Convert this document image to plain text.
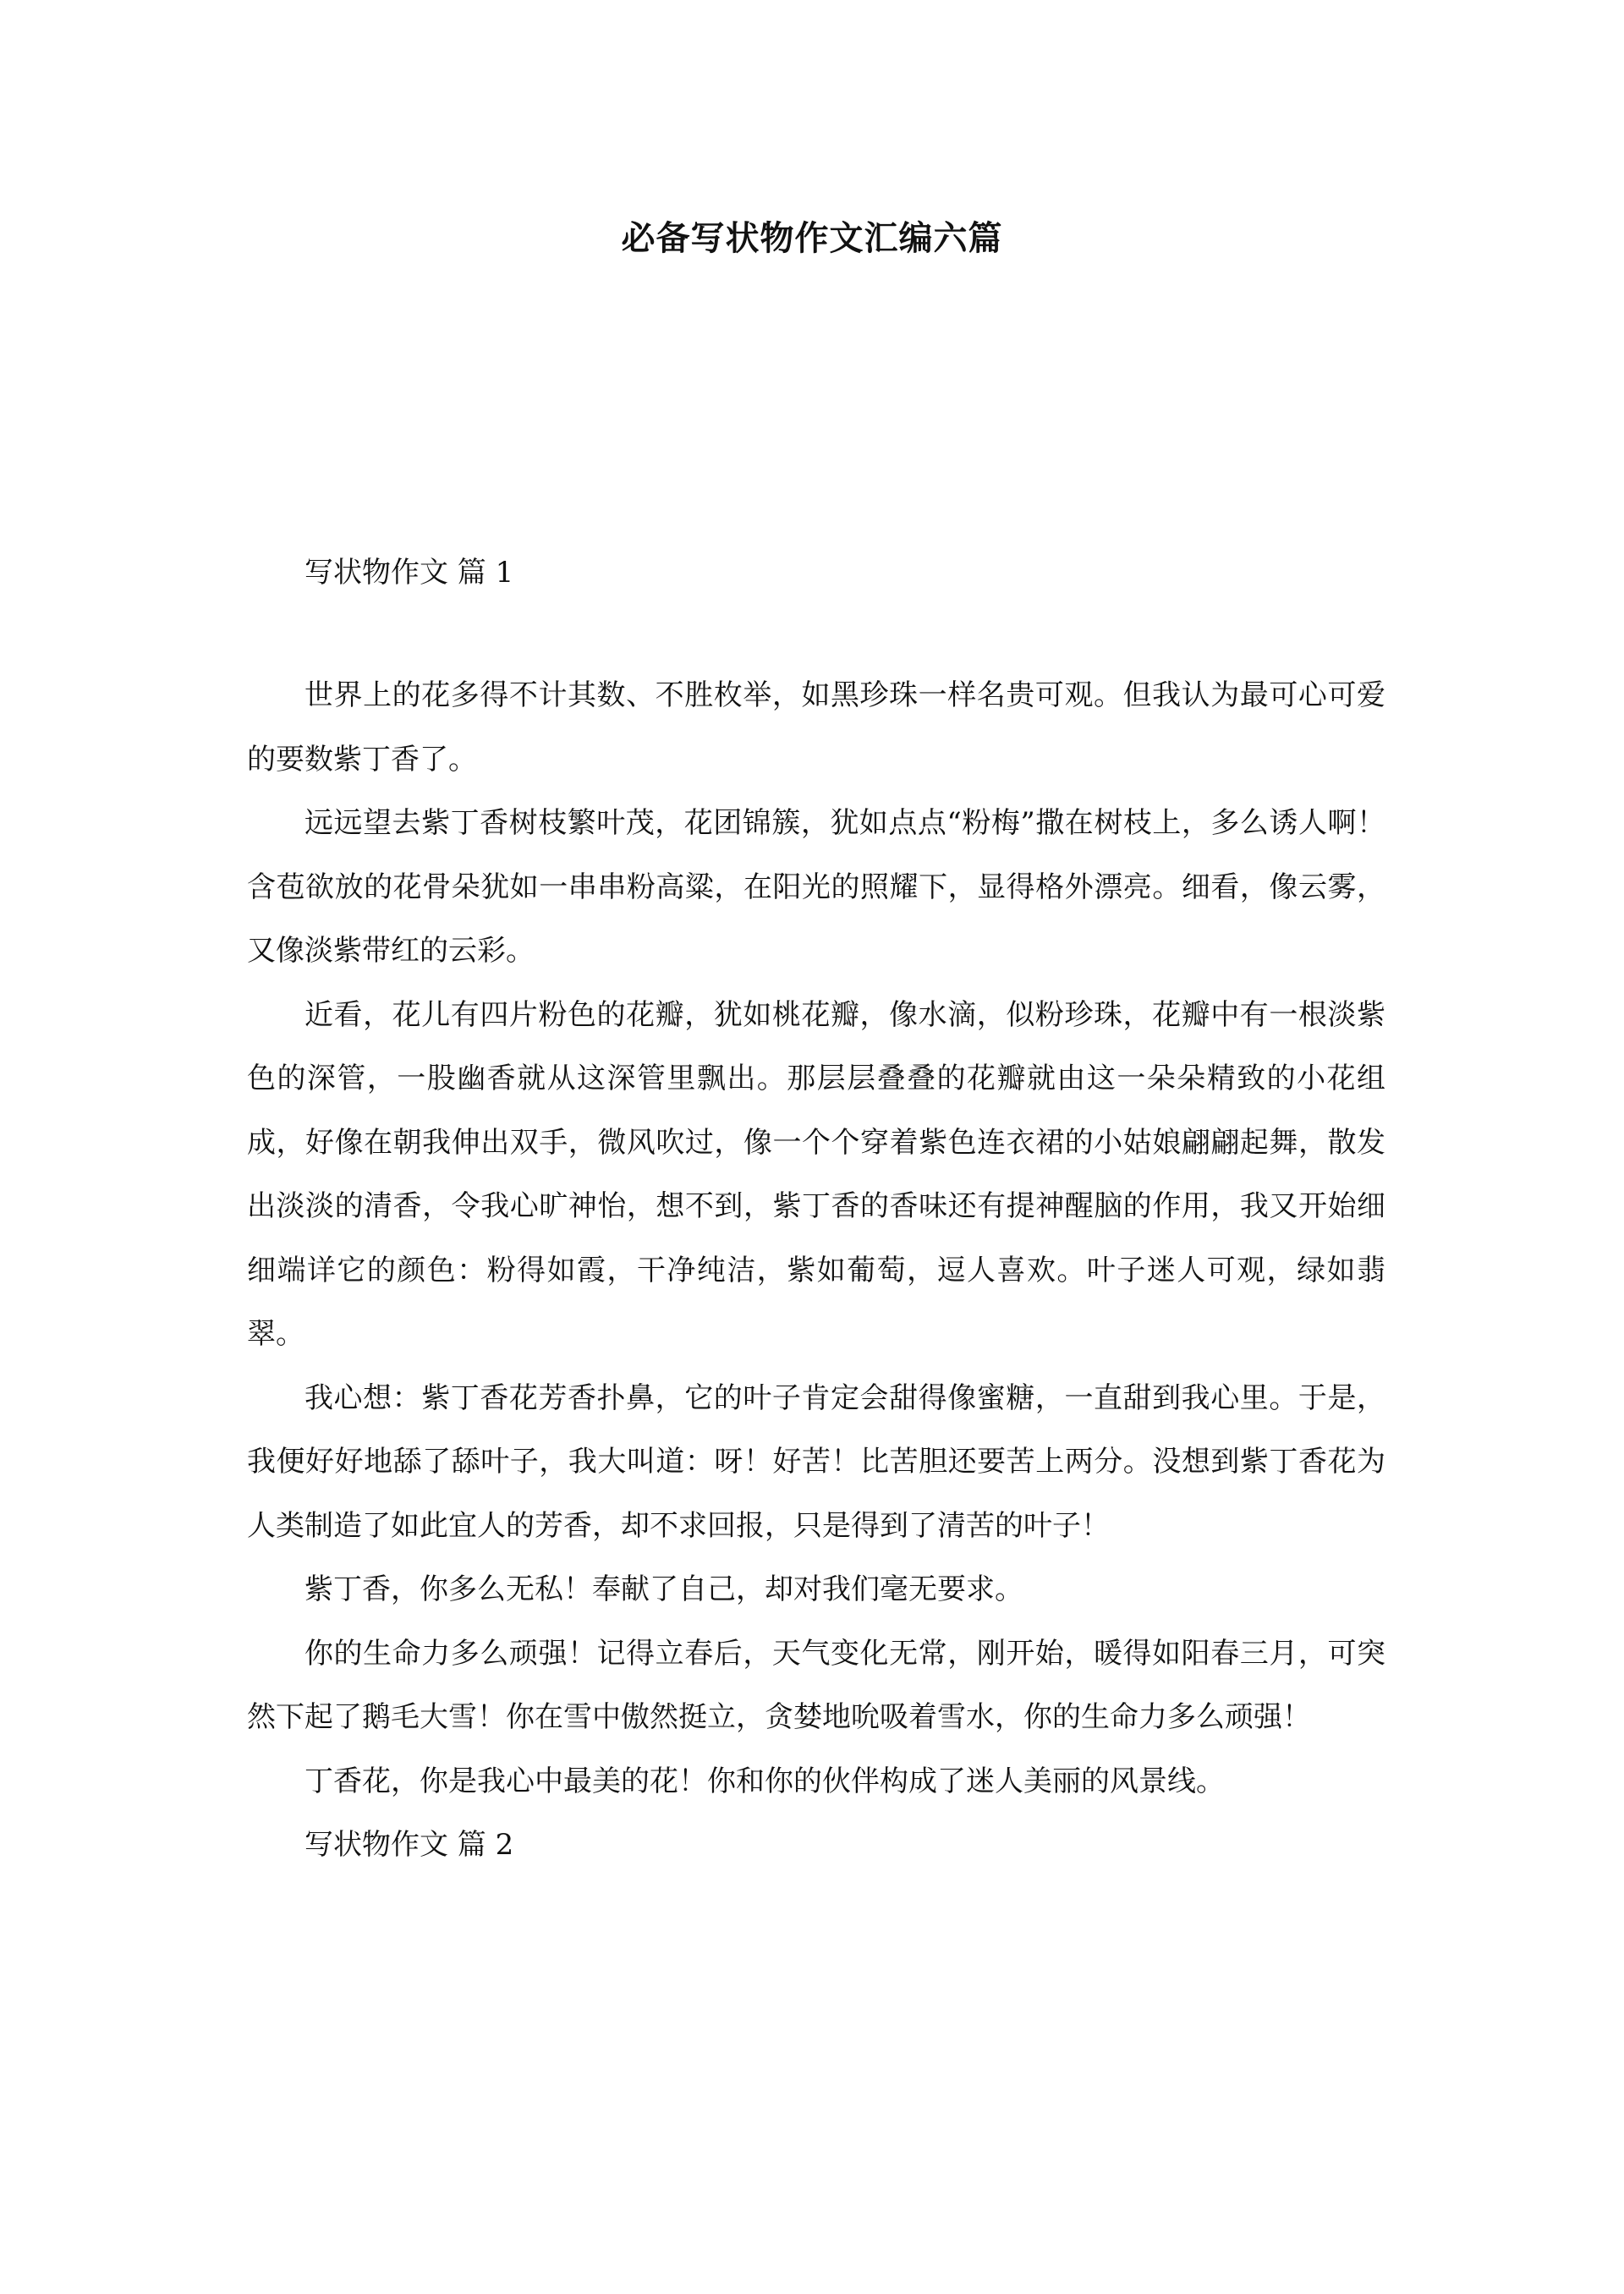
必备写状物作文汇编六篇

写状物作文 篇 1

世界上的花多得不计其数、不胜枚举，如黑珍珠一样名贵可观。但我认为最可心可爱的要数紫丁香了。

远远望去紫丁香树枝繁叶茂，花团锦簇，犹如点点“粉梅”撒在树枝上，多么诱人啊！含苞欲放的花骨朵犹如一串串粉高粱，在阳光的照耀下，显得格外漂亮。细看，像云雾，又像淡紫带红的云彩。

近看，花儿有四片粉色的花瓣，犹如桃花瓣，像水滴，似粉珍珠，花瓣中有一根淡紫色的深管，一股幽香就从这深管里飘出。那层层叠叠的花瓣就由这一朵朵精致的小花组成，好像在朝我伸出双手，微风吹过，像一个个穿着紫色连衣裙的小姑娘翩翩起舞，散发出淡淡的清香，令我心旷神怡，想不到，紫丁香的香味还有提神醒脑的作用，我又开始细细端详它的颜色：粉得如霞，干净纯洁，紫如葡萄，逗人喜欢。叶子迷人可观，绿如翡翠。

我心想：紫丁香花芳香扑鼻，它的叶子肯定会甜得像蜜糖，一直甜到我心里。于是，我便好好地舔了舔叶子，我大叫道：呀！好苦！比苦胆还要苦上两分。没想到紫丁香花为人类制造了如此宜人的芳香，却不求回报，只是得到了清苦的叶子！

紫丁香，你多么无私！奉献了自己，却对我们毫无要求。

你的生命力多么顽强！记得立春后，天气变化无常，刚开始，暖得如阳春三月，可突然下起了鹅毛大雪！你在雪中傲然挺立，贪婪地吮吸着雪水，你的生命力多么顽强！

丁香花，你是我心中最美的花！你和你的伙伴构成了迷人美丽的风景线。

写状物作文 篇 2
